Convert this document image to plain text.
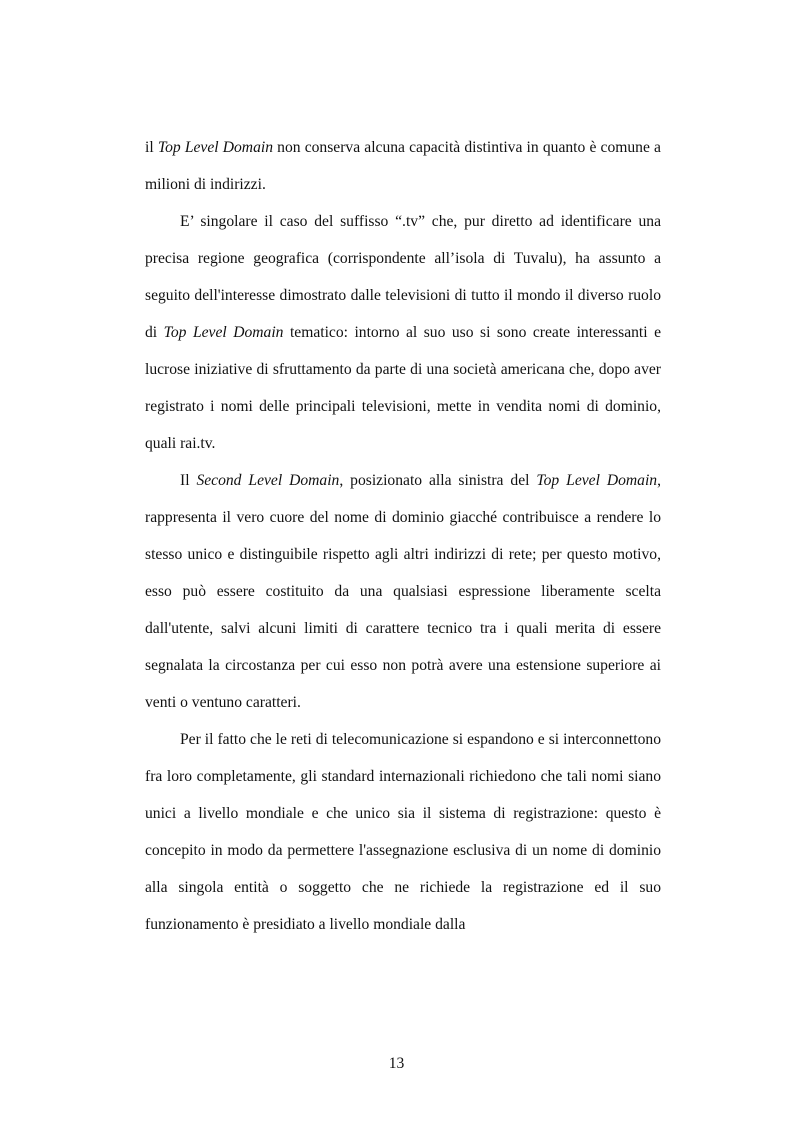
il Top Level Domain non conserva alcuna capacità distintiva in quanto è comune a milioni di indirizzi.

E’ singolare il caso del suffisso “.tv” che, pur diretto ad identificare una precisa regione geografica (corrispondente all’isola di Tuvalu), ha assunto a seguito dell'interesse dimostrato dalle televisioni di tutto il mondo il diverso ruolo di Top Level Domain tematico: intorno al suo uso si sono create interessanti e lucrose iniziative di sfruttamento da parte di una società americana che, dopo aver registrato i nomi delle principali televisioni, mette in vendita nomi di dominio, quali rai.tv.

Il Second Level Domain, posizionato alla sinistra del Top Level Domain, rappresenta il vero cuore del nome di dominio giacché contribuisce a rendere lo stesso unico e distinguibile rispetto agli altri indirizzi di rete; per questo motivo, esso può essere costituito da una qualsiasi espressione liberamente scelta dall'utente, salvi alcuni limiti di carattere tecnico tra i quali merita di essere segnalata la circostanza per cui esso non potrà avere una estensione superiore ai venti o ventuno caratteri.

Per il fatto che le reti di telecomunicazione si espandono e si interconnettono fra loro completamente, gli standard internazionali richiedono che tali nomi siano unici a livello mondiale e che unico sia il sistema di registrazione: questo è concepito in modo da permettere l'assegnazione esclusiva di un nome di dominio alla singola entità o soggetto che ne richiede la registrazione ed il suo funzionamento è presidiato a livello mondiale dalla

13
